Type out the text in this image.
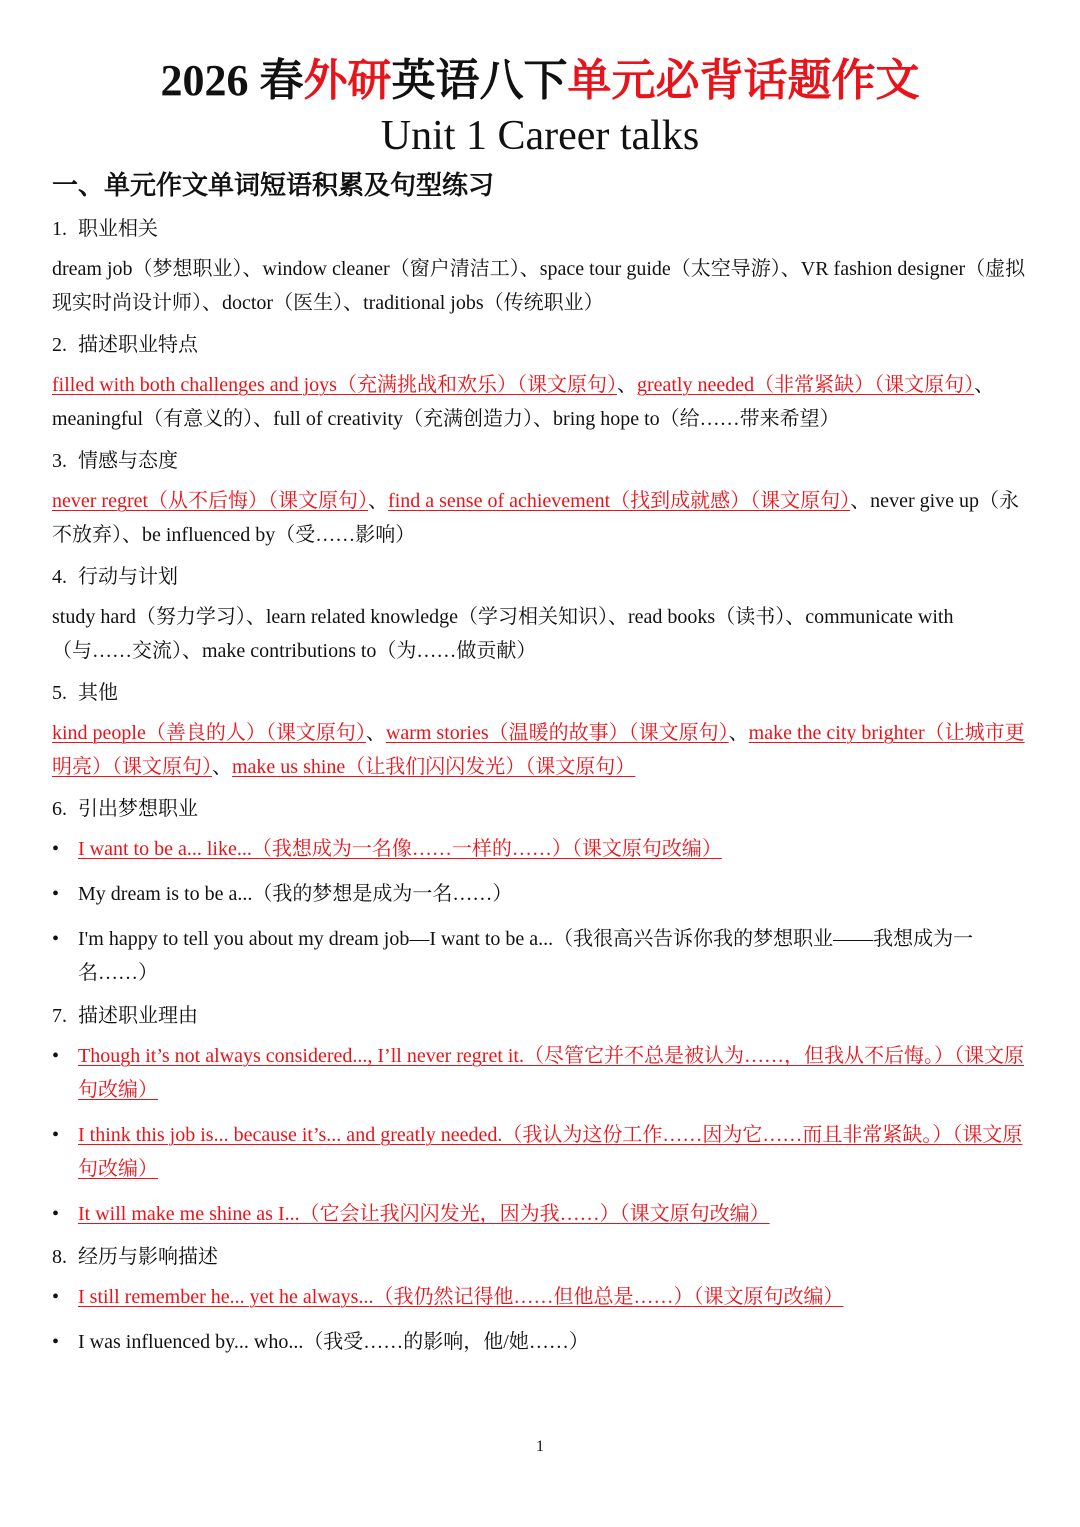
2026 春外研英语八下单元必背话题作文
Unit 1 Career talks
一、单元作文单词短语积累及句型练习
1. 职业相关
dream job（梦想职业）、window cleaner（窗户清洁工）、space tour guide（太空导游）、VR fashion designer（虚拟现实时尚设计师）、doctor（医生）、traditional jobs（传统职业）
2. 描述职业特点
filled with both challenges and joys（充满挑战和欢乐）（课文原句）、greatly needed（非常紧缺）（课文原句）、meaningful（有意义的）、full of creativity（充满创造力）、bring hope to（给……带来希望）
3. 情感与态度
never regret（从不后悔）（课文原句）、find a sense of achievement（找到成就感）（课文原句）、never give up（永不放弃）、be influenced by（受……影响）
4. 行动与计划
study hard（努力学习）、learn related knowledge（学习相关知识）、read books（读书）、communicate with（与……交流）、make contributions to（为……做贡献）
5. 其他
kind people（善良的人）（课文原句）、warm stories（温暖的故事）（课文原句）、make the city brighter（让城市更明亮）（课文原句）、make us shine（让我们闪闪发光）（课文原句）
6. 引出梦想职业
• I want to be a... like...（我想成为一名像……一样的……）（课文原句改编）
• My dream is to be a...（我的梦想是成为一名……）
• I'm happy to tell you about my dream job—I want to be a...（我很高兴告诉你我的梦想职业——我想成为一名……）
7. 描述职业理由
• Though it’s not always considered..., I’ll never regret it.（尽管它并不总是被认为……，但我从不后悔。）（课文原句改编）
• I think this job is... because it’s... and greatly needed.（我认为这份工作……因为它……而且非常紧缺。）（课文原句改编）
• It will make me shine as I...（它会让我闪闪发光，因为我……）（课文原句改编）
8. 经历与影响描述
• I still remember he... yet he always...（我仍然记得他……但他总是……）（课文原句改编）
• I was influenced by... who...（我受……的影响，他/她……）
1
